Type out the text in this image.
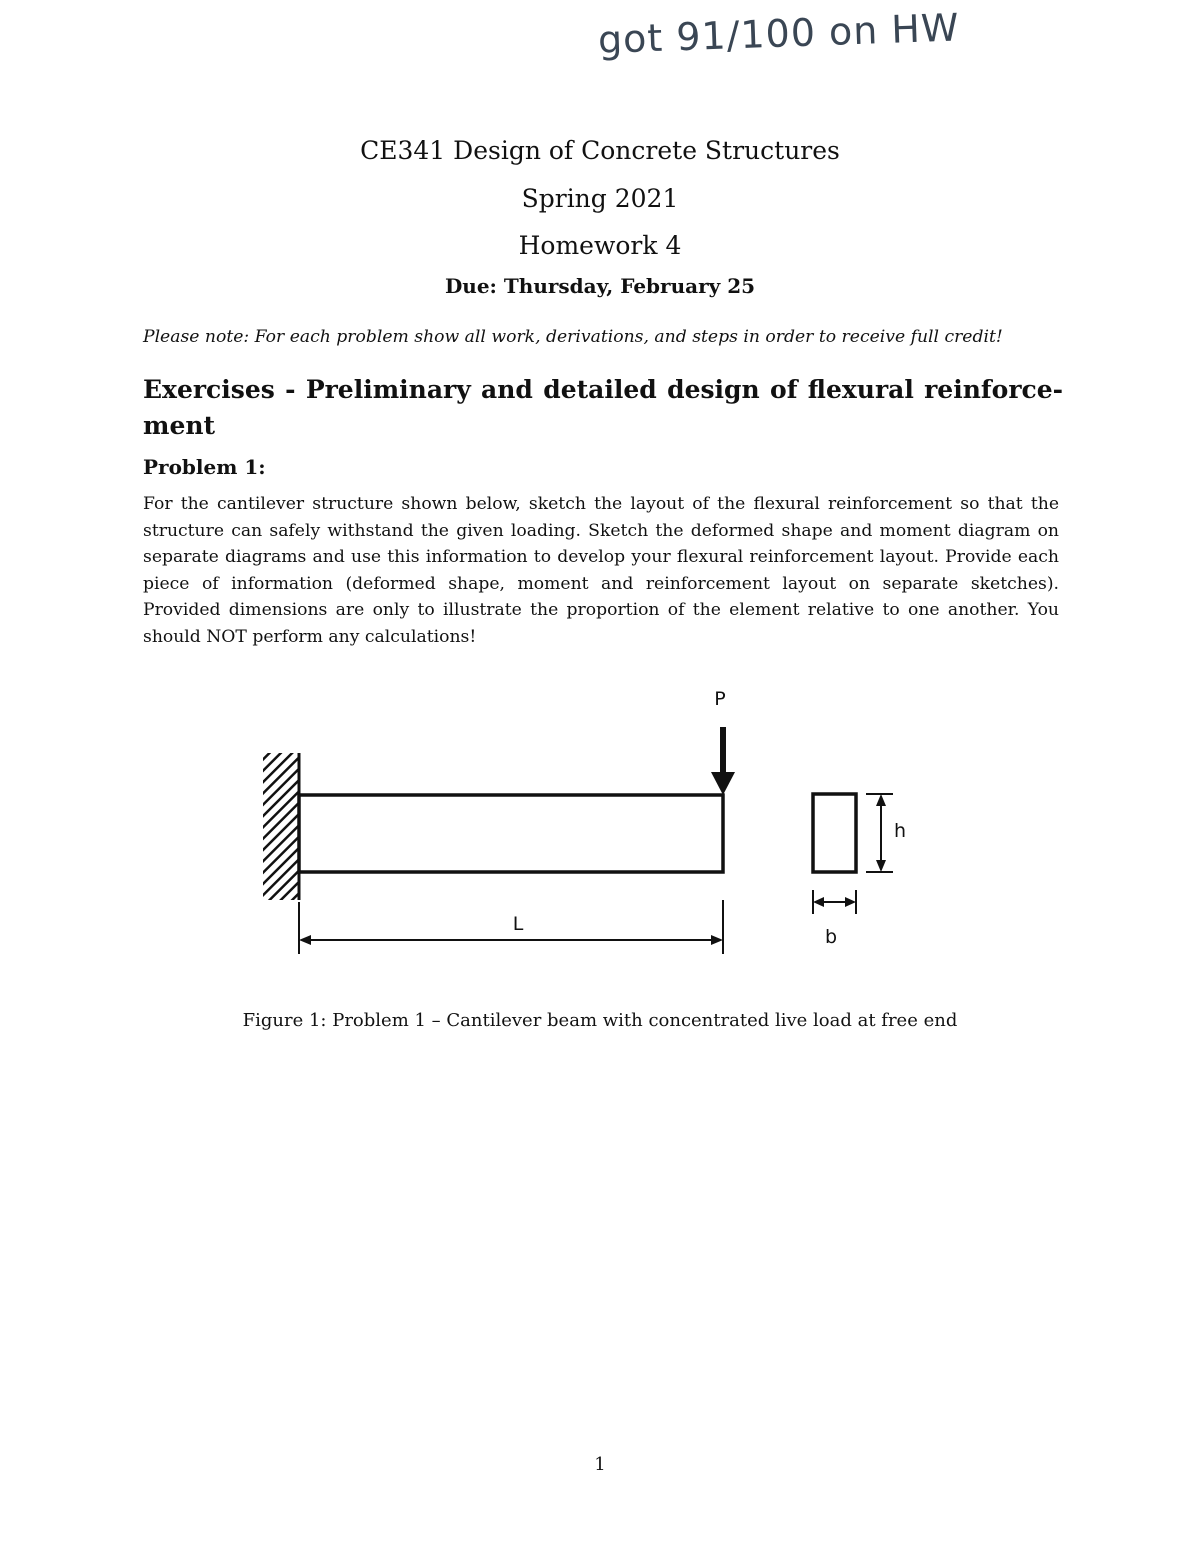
got 91/100 on HW
CE341 Design of Concrete Structures
Spring 2021
Homework 4
Due: Thursday, February 25
Please note: For each problem show all work, derivations, and steps in order to receive full credit!
Exercises - Preliminary and detailed design of flexural reinforce-ment
Problem 1:
For the cantilever structure shown below, sketch the layout of the flexural reinforcement so that the structure can safely withstand the given loading. Sketch the deformed shape and moment diagram on separate diagrams and use this information to develop your flexural reinforcement layout. Provide each piece of information (deformed shape, moment and reinforcement layout on separate sketches). Provided dimensions are only to illustrate the proportion of the element relative to one another. You should NOT perform any calculations!
P
L
h
b
Figure 1: Problem 1 – Cantilever beam with concentrated live load at free end
1
